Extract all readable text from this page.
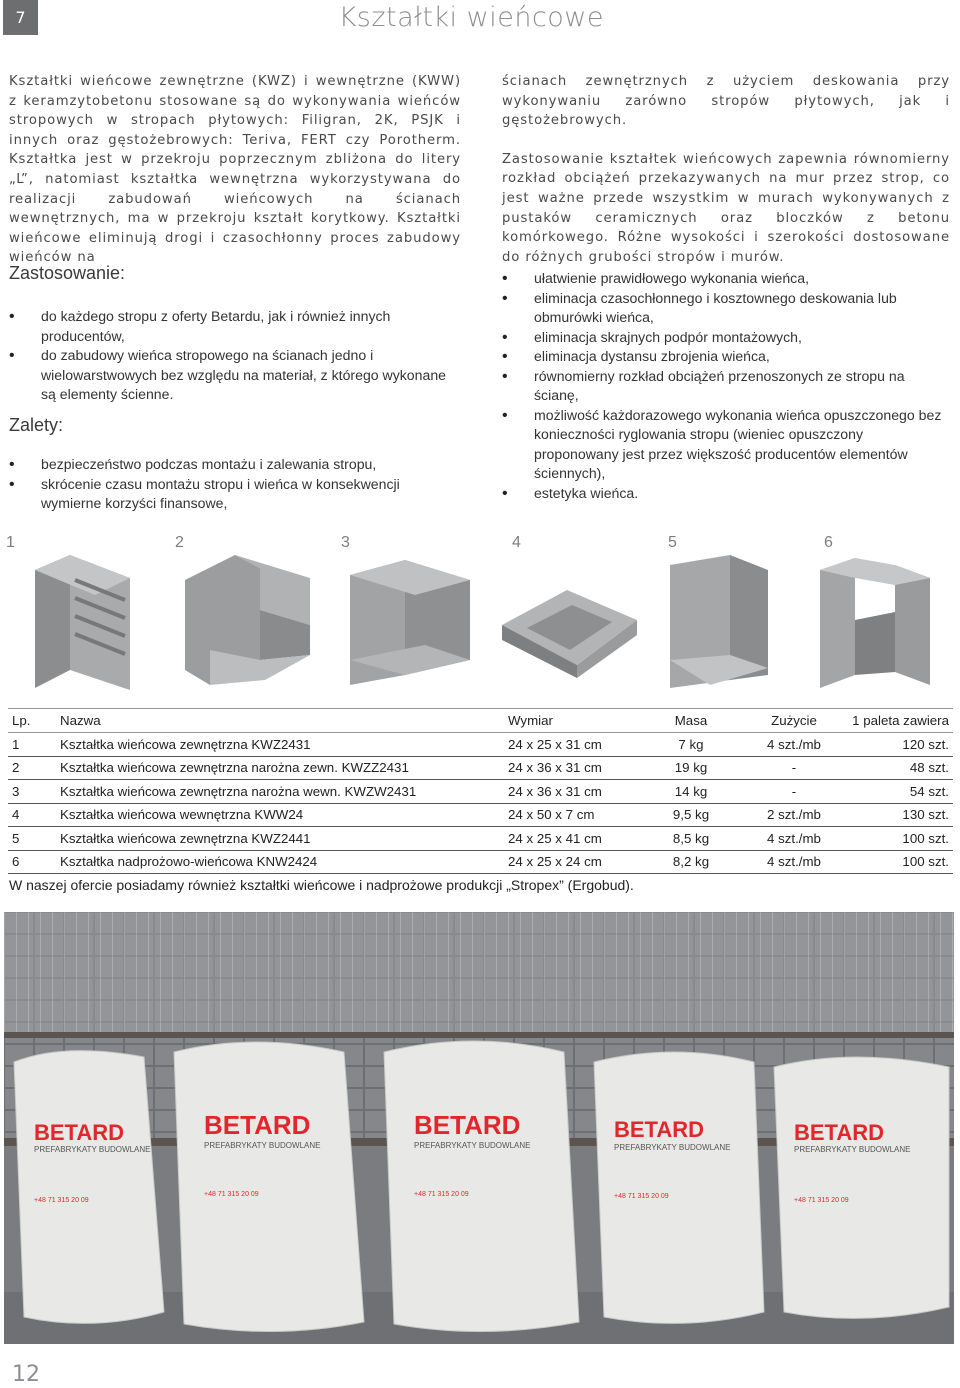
7	Kształtki wieńcowe

Kształtki wieńcowe zewnętrzne (KWZ) i wewnętrzne (KWW) z keramzytobetonu stosowane są do wykonywania wieńców stropowych w stropach płytowych: Filigran, 2K, PSJK i innych oraz gęstożebrowych: Teriva, FERT czy Porotherm. Kształtka jest w przekroju poprzecznym zbliżona do litery „L”, natomiast kształtka wewnętrzna wykorzystywana do realizacji zabudowań wieńcowych na ścianach wewnętrznych, ma w przekroju kształt korytkowy. Kształtki wieńcowe eliminują drogi i czasochłonny proces zabudowy wieńców na

ścianach zewnętrznych z użyciem deskowania przy wykonywaniu zarówno stropów płytowych, jak i gęstożebrowych.

Zastosowanie kształtek wieńcowych zapewnia równomierny rozkład obciążeń przekazywanych na mur przez strop, co jest ważne przede wszystkim w murach wykonywanych z pustaków ceramicznych oraz bloczków z betonu komórkowego. Różne wysokości i szerokości dostosowane do różnych grubości stropów i murów.

Zastosowanie:
• do każdego stropu z oferty Betardu, jak i również innych producentów,
• do zabudowy wieńca stropowego na ścianach jedno i wielowarstwowych bez względu na materiał, z którego wykonane są elementy ścienne.
Zalety:
• bezpieczeństwo podczas montażu i zalewania stropu,
• skrócenie czasu montażu stropu i wieńca w konsekwencji wymierne korzyści finansowe,
• ułatwienie prawidłowego wykonania wieńca,
• eliminacja czasochłonnego i kosztownego deskowania lub obmurówki wieńca,
• eliminacja skrajnych podpór montażowych,
• eliminacja dystansu zbrojenia wieńca,
• równomierny rozkład obciążeń przenoszonych ze stropu na ścianę,
• możliwość każdorazowego wykonania wieńca opuszczonego bez konieczności ryglowania stropu (wieniec opuszczony proponowany jest przez większość producentów elementów ściennych),
• estetyka wieńca.
1	2	3	4	5	6
Lp.	Nazwa	Wymiar	Masa	Zużycie	1 paleta zawiera
1	Kształtka wieńcowa zewnętrzna KWZ2431	24 x 25 x 31 cm	7 kg	4 szt./mb	120 szt.
2	Kształtka wieńcowa zewnętrzna narożna zewn. KWZZ2431	24 x 36 x 31 cm	19 kg	-	48 szt.
3	Kształtka wieńcowa zewnętrzna narożna wewn. KWZW2431	24 x 36 x 31 cm	14 kg	-	54 szt.
4	Kształtka wieńcowa wewnętrzna KWW24	24 x 50 x 7 cm	9,5 kg	2 szt./mb	130 szt.
5	Kształtka wieńcowa zewnętrzna KWZ2441	24 x 25 x 41 cm	8,5 kg	4 szt./mb	100 szt.
6	Kształtka nadprożowo-wieńcowa KNW2424	24 x 25 x 24 cm	8,2 kg	4 szt./mb	100 szt.
W naszej ofercie posiadamy również kształtki wieńcowe i nadprożowe produkcji „Stropex” (Ergobud).
BETARD	BETARD	BETARD	BETARD	BETARD
PREFABRYKATY BUDOWLANE	PREFABRYKATY BUDOWLANE	PREFABRYKATY BUDOWLANE	PREFABRYKATY BUDOWLANE	PREFABRYKATY BUDOWLANE
+48 71 315 20 09
+48 71 315 20 09	+48 71 315 20 09	+48 71 315 20 09
+48 71 315 20 09
12
